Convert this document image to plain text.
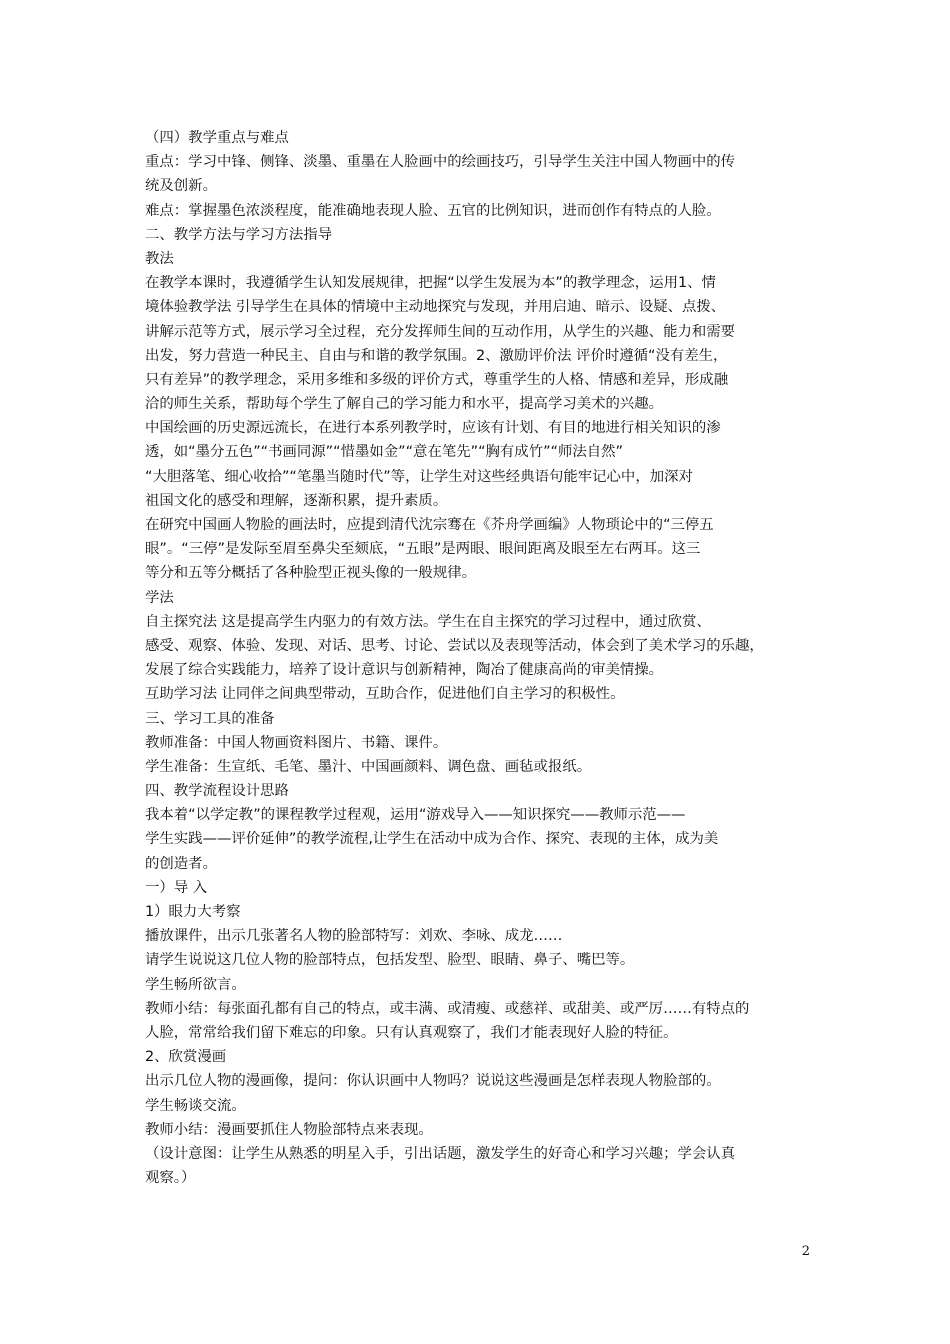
（四）教学重点与难点
重点：学习中锋、侧锋、淡墨、重墨在人脸画中的绘画技巧，引导学生关注中国人物画中的传
统及创新。
难点：掌握墨色浓淡程度，能准确地表现人脸、五官的比例知识，进而创作有特点的人脸。
二、教学方法与学习方法指导
教法
在教学本课时，我遵循学生认知发展规律，把握“以学生发展为本”的教学理念，运用1、情
境体验教学法 引导学生在具体的情境中主动地探究与发现，并用启迪、暗示、设疑、点拨、
讲解示范等方式，展示学习全过程，充分发挥师生间的互动作用，从学生的兴趣、能力和需要
出发，努力营造一种民主、自由与和谐的教学氛围。2、激励评价法 评价时遵循“没有差生，
只有差异”的教学理念，采用多维和多级的评价方式，尊重学生的人格、情感和差异，形成融
洽的师生关系，帮助每个学生了解自己的学习能力和水平，提高学习美术的兴趣。
中国绘画的历史源远流长，在进行本系列教学时，应该有计划、有目的地进行相关知识的渗
透，如“墨分五色”“书画同源”“惜墨如金”“意在笔先”“胸有成竹”“师法自然”
“大胆落笔、细心收拾”“笔墨当随时代”等，让学生对这些经典语句能牢记心中，加深对
祖国文化的感受和理解，逐渐积累，提升素质。
在研究中国画人物脸的画法时，应提到清代沈宗骞在《芥舟学画编》人物琐论中的“三停五
眼”。“三停”是发际至眉至鼻尖至颏底，“五眼”是两眼、眼间距离及眼至左右两耳。这三
等分和五等分概括了各种脸型正视头像的一般规律。
学法
自主探究法 这是提高学生内驱力的有效方法。学生在自主探究的学习过程中，通过欣赏、
感受、观察、体验、发现、对话、思考、讨论、尝试以及表现等活动，体会到了美术学习的乐趣，
发展了综合实践能力，培养了设计意识与创新精神，陶冶了健康高尚的审美情操。
互助学习法 让同伴之间典型带动，互助合作，促进他们自主学习的积极性。
三、学习工具的准备
教师准备：中国人物画资料图片、书籍、课件。
学生准备：生宣纸、毛笔、墨汁、中国画颜料、调色盘、画毡或报纸。
四、教学流程设计思路
我本着“以学定教”的课程教学过程观，运用“游戏导入——知识探究——教师示范——
学生实践——评价延伸”的教学流程,让学生在活动中成为合作、探究、表现的主体，成为美
的创造者。
一）导 入
1）眼力大考察
播放课件，出示几张著名人物的脸部特写：刘欢、李咏、成龙……
请学生说说这几位人物的脸部特点，包括发型、脸型、眼睛、鼻子、嘴巴等。
学生畅所欲言。
教师小结：每张面孔都有自己的特点，或丰满、或清瘦、或慈祥、或甜美、或严厉……有特点的
人脸，常常给我们留下难忘的印象。只有认真观察了，我们才能表现好人脸的特征。
2、欣赏漫画
出示几位人物的漫画像，提问：你认识画中人物吗？说说这些漫画是怎样表现人物脸部的。
学生畅谈交流。
教师小结：漫画要抓住人物脸部特点来表现。
（设计意图：让学生从熟悉的明星入手，引出话题，激发学生的好奇心和学习兴趣；学会认真
观察。）
2
